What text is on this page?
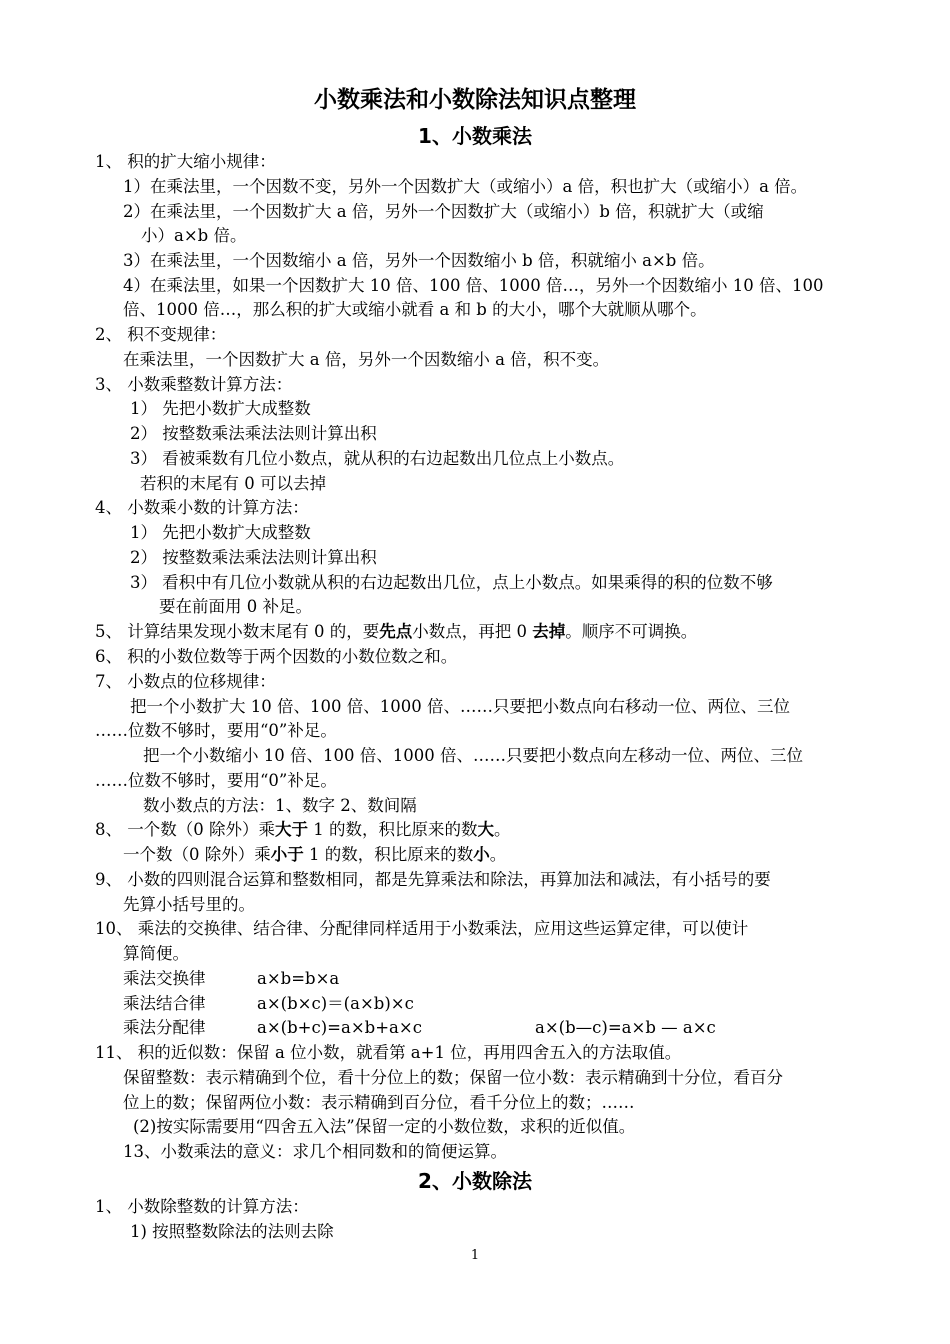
小数乘法和小数除法知识点整理
1、小数乘法
1、 积的扩大缩小规律：
1）在乘法里，一个因数不变，另外一个因数扩大（或缩小）a 倍，积也扩大（或缩小）a 倍。
2）在乘法里，一个因数扩大 a 倍，另外一个因数扩大（或缩小）b 倍，积就扩大（或缩
小）a×b 倍。
3）在乘法里，一个因数缩小 a 倍，另外一个因数缩小 b 倍，积就缩小 a×b 倍。
4）在乘法里，如果一个因数扩大 10 倍、100 倍、1000 倍…，另外一个因数缩小 10 倍、100
倍、1000 倍…，那么积的扩大或缩小就看 a 和 b 的大小，哪个大就顺从哪个。
2、 积不变规律：
在乘法里，一个因数扩大 a 倍，另外一个因数缩小 a 倍，积不变。
3、 小数乘整数计算方法：
1） 先把小数扩大成整数
2） 按整数乘法乘法法则计算出积
3） 看被乘数有几位小数点，就从积的右边起数出几位点上小数点。
若积的末尾有 0 可以去掉
4、 小数乘小数的计算方法：
1） 先把小数扩大成整数
2） 按整数乘法乘法法则计算出积
3） 看积中有几位小数就从积的右边起数出几位，点上小数点。如果乘得的积的位数不够
要在前面用 0 补足。
5、 计算结果发现小数末尾有 0 的，要先点小数点，再把 0 去掉。顺序不可调换。
6、 积的小数位数等于两个因数的小数位数之和。
7、 小数点的位移规律：
把一个小数扩大 10 倍、100 倍、1000 倍、……只要把小数点向右移动一位、两位、三位
……位数不够时，要用“0”补足。
把一个小数缩小 10 倍、100 倍、1000 倍、……只要把小数点向左移动一位、两位、三位
……位数不够时，要用“0”补足。
数小数点的方法：1、数字 2、数间隔
8、 一个数（0 除外）乘大于 1 的数，积比原来的数大。
一个数（0 除外）乘小于 1 的数，积比原来的数小。
9、 小数的四则混合运算和整数相同，都是先算乘法和除法，再算加法和减法，有小括号的要
先算小括号里的。
10、 乘法的交换律、结合律、分配律同样适用于小数乘法，应用这些运算定律，可以使计
算简便。
乘法交换律	a×b=b×a
乘法结合律	a×(b×c)＝(a×b)×c
乘法分配律	a×(b+c)=a×b+a×c	a×(b—c)=a×b — a×c
11、 积的近似数：保留 a 位小数，就看第 a+1 位，再用四舍五入的方法取值。
保留整数：表示精确到个位，看十分位上的数；保留一位小数：表示精确到十分位，看百分
位上的数；保留两位小数：表示精确到百分位，看千分位上的数；……
(2)按实际需要用“四舍五入法”保留一定的小数位数，求积的近似值。
13、小数乘法的意义：求几个相同数和的简便运算。
2、小数除法
1、 小数除整数的计算方法：
1) 按照整数除法的法则去除
1
